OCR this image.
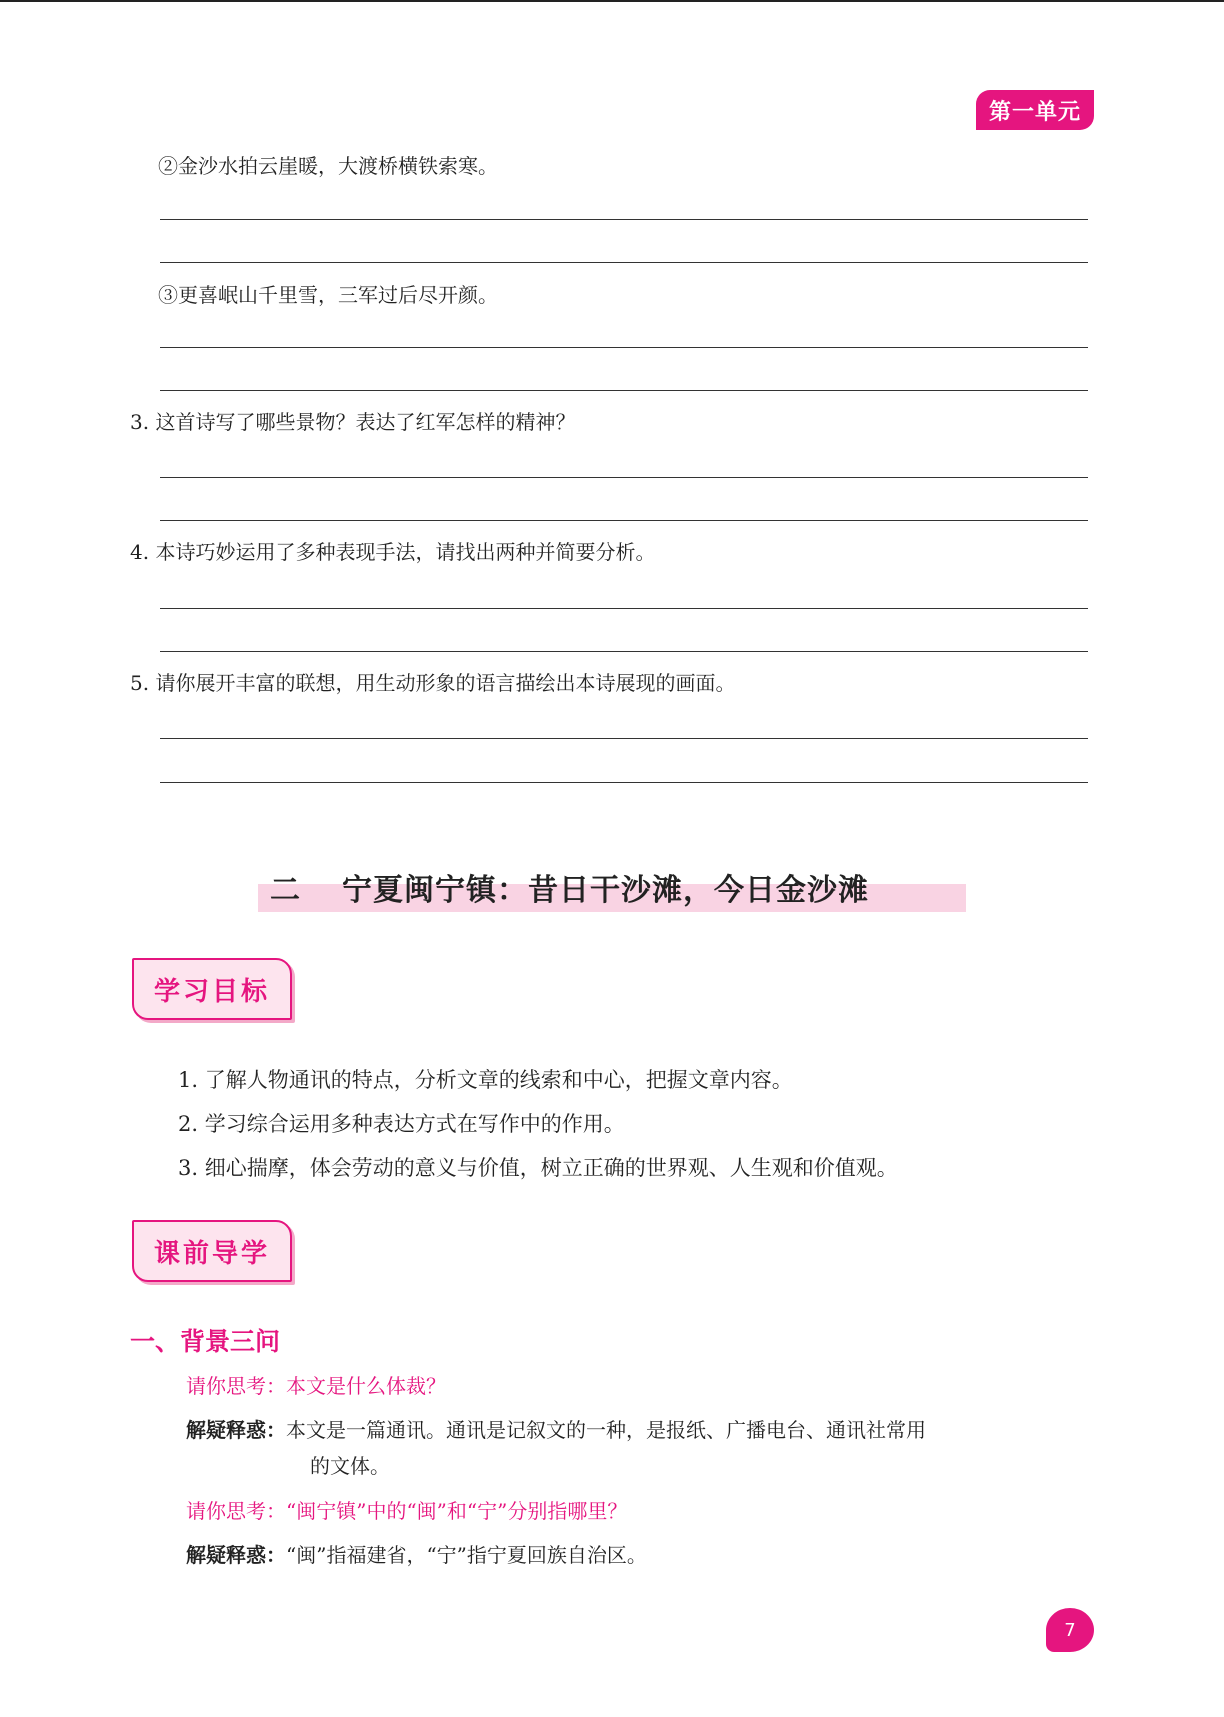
第一单元
②金沙水拍云崖暖，大渡桥横铁索寒。
③更喜岷山千里雪，三军过后尽开颜。
3. 这首诗写了哪些景物？表达了红军怎样的精神？
4. 本诗巧妙运用了多种表现手法，请找出两种并简要分析。
5. 请你展开丰富的联想，用生动形象的语言描绘出本诗展现的画面。
二	宁夏闽宁镇：昔日干沙滩，今日金沙滩
学习目标
1. 了解人物通讯的特点，分析文章的线索和中心，把握文章内容。
2. 学习综合运用多种表达方式在写作中的作用。
3. 细心揣摩，体会劳动的意义与价值，树立正确的世界观、人生观和价值观。
课前导学
一、背景三问
请你思考：本文是什么体裁？
解疑释惑：本文是一篇通讯。通讯是记叙文的一种，是报纸、广播电台、通讯社常用
的文体。
请你思考：“闽宁镇”中的“闽”和“宁”分别指哪里？
解疑释惑：“闽”指福建省，“宁”指宁夏回族自治区。
7
